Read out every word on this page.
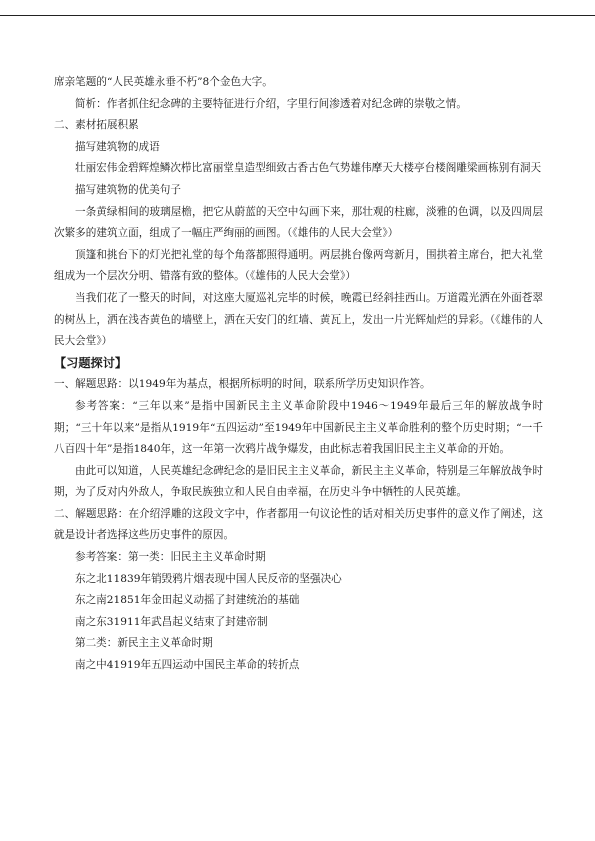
席亲笔题的“人民英雄永垂不朽”8个金色大字。

简析：作者抓住纪念碑的主要特征进行介绍，字里行间渗透着对纪念碑的崇敬之情。

二、素材拓展积累

描写建筑物的成语

壮丽宏伟金碧辉煌鳞次栉比富丽堂皇造型细致古香古色气势雄伟摩天大楼亭台楼阁雕梁画栋别有洞天

描写建筑物的优美句子

一条黄绿相间的玻璃屋檐，把它从蔚蓝的天空中勾画下来，那壮观的柱廊，淡雅的色调，以及四周层次繁多的建筑立面，组成了一幅庄严绚丽的画图。（《雄伟的人民大会堂》）

顶篷和挑台下的灯光把礼堂的每个角落都照得通明。两层挑台像两弯新月，围拱着主席台，把大礼堂组成为一个层次分明、错落有致的整体。（《雄伟的人民大会堂》）

当我们花了一整天的时间，对这座大厦巡礼完毕的时候，晚霞已经斜挂西山。万道霞光洒在外面苍翠的树丛上，洒在浅杏黄色的墙壁上，洒在天安门的红墙、黄瓦上，发出一片光辉灿烂的异彩。（《雄伟的人民大会堂》）

【习题探讨】

一、解题思路：以1949年为基点，根据所标明的时间，联系所学历史知识作答。

参考答案：“三年以来”是指中国新民主主义革命阶段中1946～1949年最后三年的解放战争时期；“三十年以来”是指从1919年“五四运动”至1949年中国新民主主义革命胜利的整个历史时期；“一千八百四十年”是指1840年，这一年第一次鸦片战争爆发，由此标志着我国旧民主主义革命的开始。

由此可以知道，人民英雄纪念碑纪念的是旧民主主义革命，新民主主义革命，特别是三年解放战争时期，为了反对内外敌人，争取民族独立和人民自由幸福，在历史斗争中牺牲的人民英雄。

二、解题思路：在介绍浮雕的这段文字中，作者都用一句议论性的话对相关历史事件的意义作了阐述，这就是设计者选择这些历史事件的原因。

参考答案：第一类：旧民主主义革命时期

东之北11839年销毁鸦片烟表现中国人民反帝的坚强决心

东之南21851年金田起义动摇了封建统治的基础

南之东31911年武昌起义结束了封建帝制

第二类：新民主主义革命时期

南之中41919年五四运动中国民主革命的转折点
